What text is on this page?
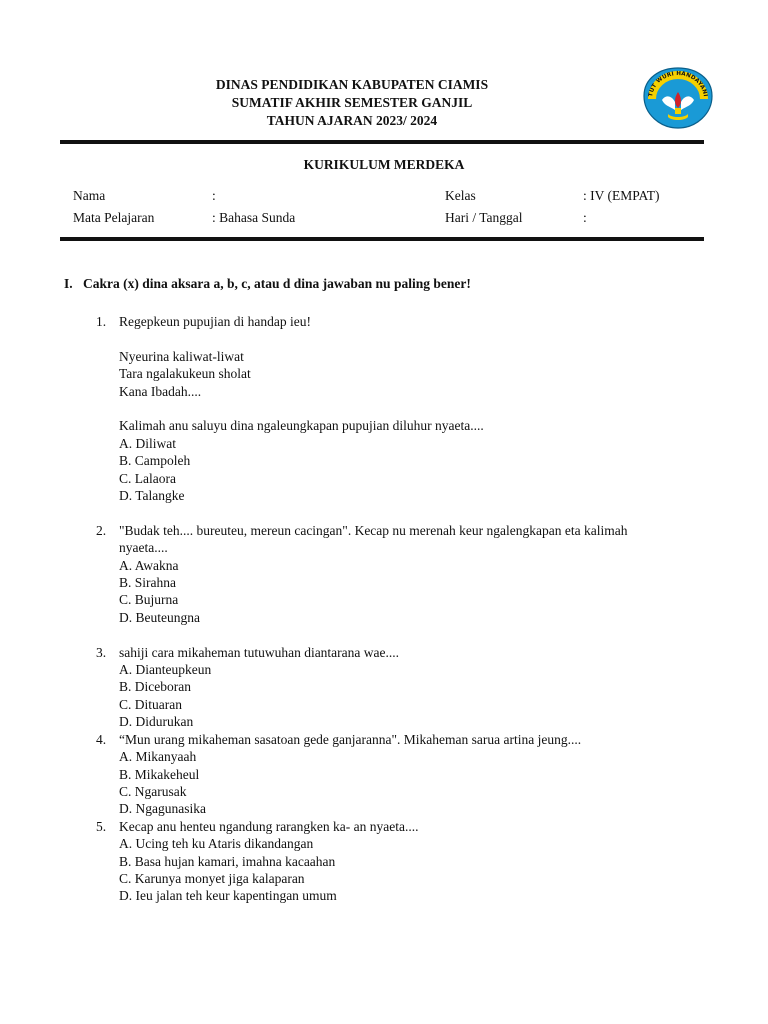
DINAS PENDIDIKAN KABUPATEN CIAMIS
SUMATIF AKHIR SEMESTER GANJIL
TAHUN AJARAN 2023/ 2024
TUT WURI HANDAYANI
KURIKULUM MERDEKA
Nama	:	Kelas	: IV (EMPAT)
Mata Pelajaran	: Bahasa Sunda	Hari / Tanggal	:
I. Cakra (x) dina aksara a, b, c, atau d dina jawaban nu paling bener!
1. Regepkeun pupujian di handap ieu!
Nyeurina kaliwat-liwat
Tara ngalakukeun sholat
Kana Ibadah....
Kalimah anu saluyu dina ngaleungkapan pupujian diluhur nyaeta....
A. Diliwat
B. Campoleh
C. Lalaora
D. Talangke
2. "Budak teh.... bureuteu, mereun cacingan". Kecap nu merenah keur ngalengkapan eta kalimah nyaeta....
A. Awakna
B. Sirahna
C. Bujurna
D. Beuteungna
3. sahiji cara mikaheman tutuwuhan diantarana wae....
A. Dianteupkeun
B. Diceboran
C. Dituaran
D. Didurukan
4. “Mun urang mikaheman sasatoan gede ganjaranna". Mikaheman sarua artina jeung....
A. Mikanyaah
B. Mikakeheul
C. Ngarusak
D. Ngagunasika
5. Kecap anu henteu ngandung rarangken ka- an nyaeta....
A. Ucing teh ku Ataris dikandangan
B. Basa hujan kamari, imahna kacaahan
C. Karunya monyet jiga kalaparan
D. Ieu jalan teh keur kapentingan umum
